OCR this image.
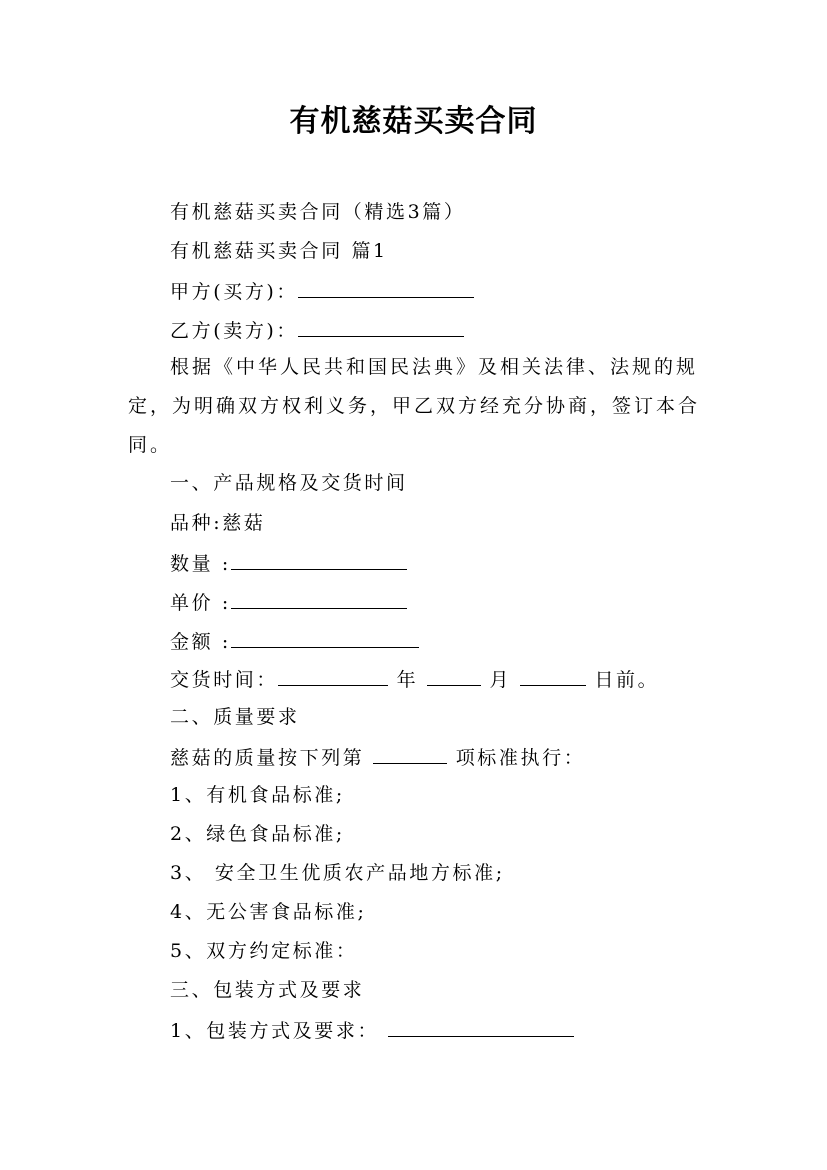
有机慈菇买卖合同
有机慈菇买卖合同（精选3篇）
有机慈菇买卖合同 篇1
甲方(买方)：
乙方(卖方)：
根据《中华人民共和国民法典》及相关法律、法规的规定，为明确双方权利义务，甲乙双方经充分协商，签订本合同。
一、产品规格及交货时间
品种:慈菇
数量 :
单价 :
金额 :
交货时间：	年	月	日前。
二、质量要求
慈菇的质量按下列第	项标准执行：
1、有机食品标准;
2、绿色食品标准;
3、 安全卫生优质农产品地方标准;
4、无公害食品标准;
5、双方约定标准：
三、包装方式及要求
1、包装方式及要求：
